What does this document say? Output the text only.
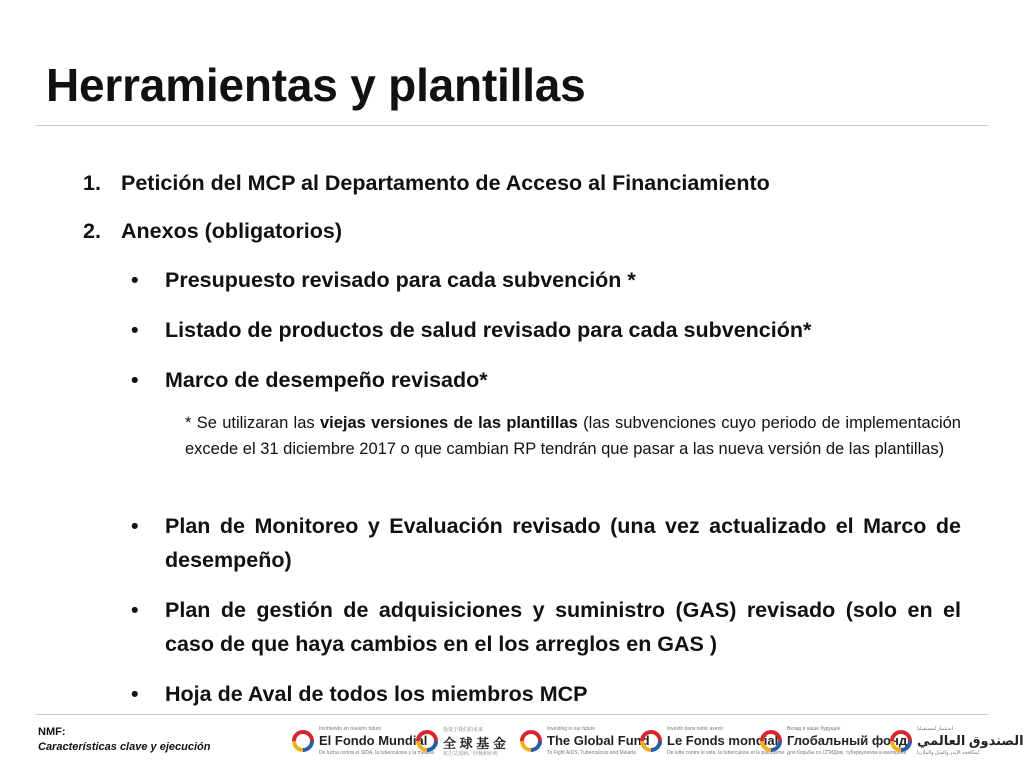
Herramientas y plantillas
1. Petición del MCP al Departamento de Acceso al Financiamiento
2. Anexos (obligatorios)
• Presupuesto revisado para cada subvención *
• Listado de productos de salud revisado para cada subvención*
• Marco de desempeño revisado*
* Se utilizaran las viejas versiones de las plantillas (las subvenciones cuyo periodo de implementación excede el 31 diciembre 2017 o que cambian RP tendrán que pasar a las nueva versión de las plantillas)
• Plan de Monitoreo y Evaluación revisado (una vez actualizado el Marco de desempeño)
• Plan de gestión de adquisiciones y suministro (GAS) revisado (solo en el caso de que haya cambios en el los arreglos en GAS )
• Hoja de Aval de todos los miembros MCP
NMF:
Características clave y ejecución
Invirtiendo en nuestro futuro
El Fondo Mundial
De lucha contra el SIDA, la tuberculosis y la malaria
投资于我们的未来
全 球 基 金
抗击艾滋病、结核和疟疾
Investing in our future
The Global Fund
To Fight AIDS, Tuberculosis and Malaria
Investir dans notre avenir
Le Fonds mondial
De lutte contre le sida, la tuberculose et le paludisme
Вклад в наше будущее
Глобальный фонд
для борьбы со СПИДом, туберкулезом и малярией
استثمار لمستقبلنا
الصندوق العالمي
لمكافحة الإيدز والسل والملاريا
